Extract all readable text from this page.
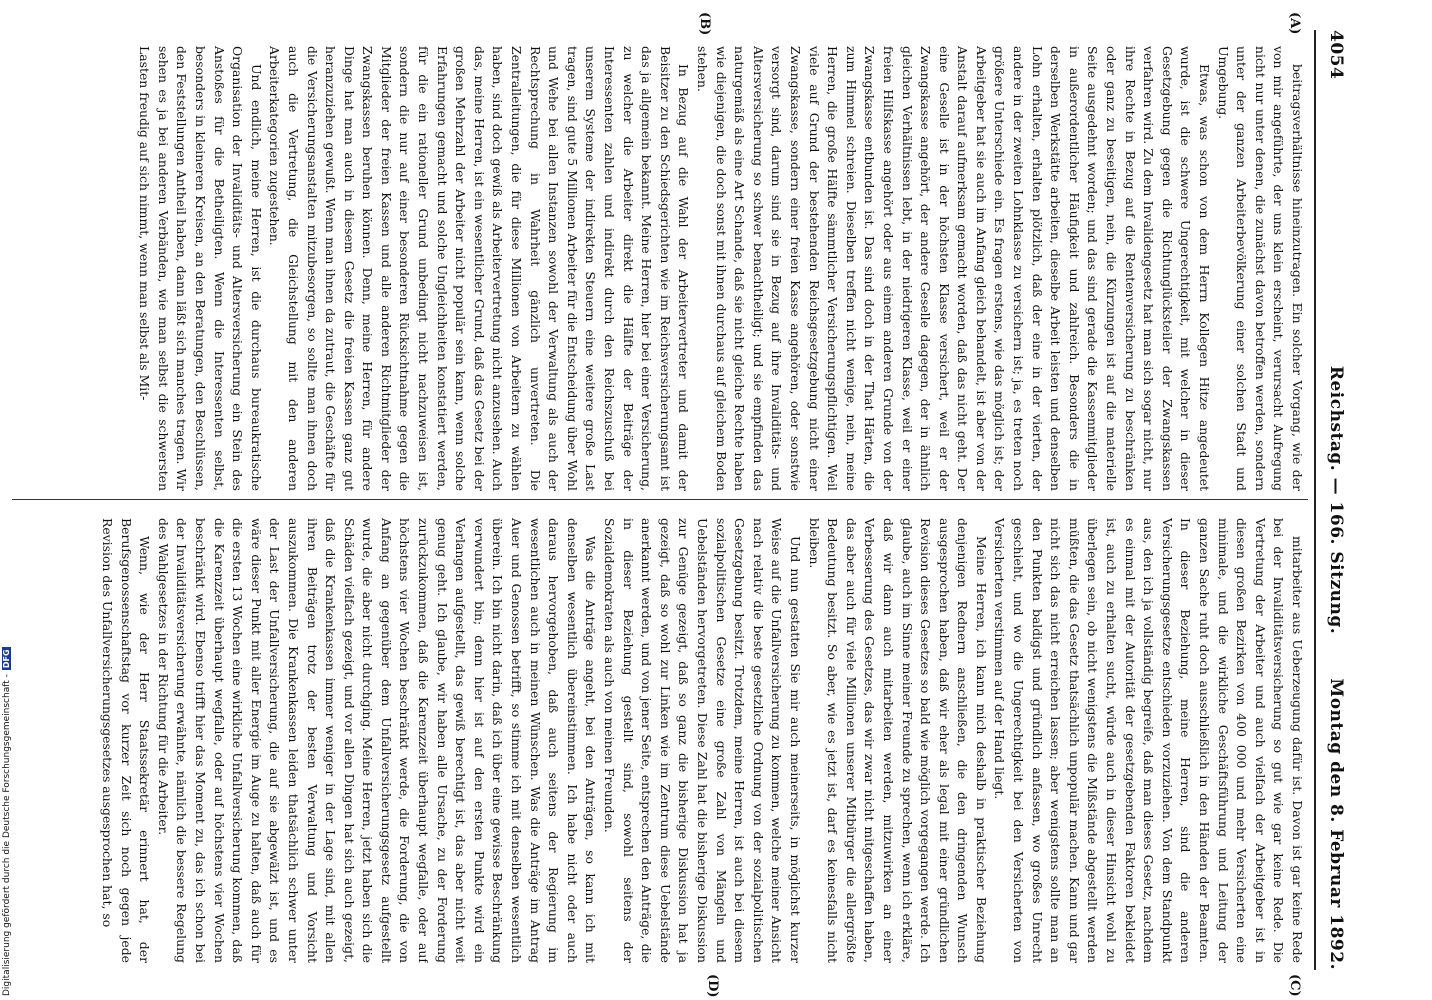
4054
Reichstag. — 166. Sitzung.
Montag den 8. Februar 1892.
(A)
(B)
(C)
(D)

beitragsverhältnisse hineinzutragen. Ein solcher Vorgang, wie der von mir angeführte, der uns klein erscheint, verursacht Aufregung nicht nur unter denen, die zunächst davon betroffen werden, sondern unter der ganzen Arbeiterbevölkerung einer solchen Stadt und Umgebung.

Etwas, was schon von dem Herrn Kollegen Hitze angedeutet wurde, ist die schwere Ungerechtigkeit, mit welcher in dieser Gesetzgebung gegen die Richtunglücksteiler der Zwangskassen verfahren wird. Zu dem Invalidengesetz hat man sich sogar nicht, nur ihre Rechte in Bezug auf die Rentenversicherung zu beschränken oder ganz zu beseitigen, nein, die Kürzungen ist auf die materielle Seite ausgedehnt worden; und das sind gerade die Kassenmitglieder in außerordentlicher Häufigkeit und zahlreich. Besonders die in derselben Werkstätte arbeiten, dieselbe Arbeit leisten und denselben Lohn erhalten, erhalten plötzlich, daß der eine in der vierten, der andere in der zweiten Lohnklasse zu versichern ist; ja, es treten noch größere Unterschiede ein. Es fragen erstens, wie das möglich ist; der Arbeitgeber hat sie auch im Anfang gleich behandelt, ist aber von der Anstalt darauf aufmerksam gemacht worden, daß das nicht geht. Der eine Geselle ist in der höchsten Klasse versichert, weil er der Zwangskasse angehört, der andere Geselle dagegen, der in ähnlich gleichen Verhältnissen lebt, in der niedrigeren Klasse, weil er einer freien Hilfskasse angehört oder aus einem anderen Grunde von der Zwangskasse entbunden ist. Das sind doch in der That Härten, die zum Himmel schreien. Dieselben treffen nicht wenige, nein, meine Herren, die große Hälfte sämmtlicher Versicherungspflichtigen. Weil viele auf Grund der bestehenden Reichsgesetzgebung nicht einer Zwangskasse, sondern einer freien Kasse angehören, oder sonstwie versorgt sind, darum sind sie in Bezug auf ihre Invaliditäts- und Altersversicherung so schwer benachtheiligt; und sie empfinden das naturgemäß als eine Art Schande, daß sie nicht gleiche Rechte haben wie diejenigen, die doch sonst mit ihnen durchaus auf gleichem Boden stehen.

In Bezug auf die Wahl der Arbeitervertreter und damit der Beisitzer zu den Schiedsgerichten wie im Reichsversicherungsamt ist das ja allgemein bekannt. Meine Herren, hier bei einer Versicherung, zu welcher die Arbeiter direkt die Hälfte der Beiträge der Interessenten zahlen und indirekt durch den Reichszuschuß bei unserem Systeme der indirekten Steuern eine weitere große Last tragen, sind gute 5 Millionen Arbeiter für die Entscheidung über Wohl und Wehe bei allen Instanzen sowohl der Verwaltung als auch der Rechtsprechung in Wahrheit gänzlich unvertreten. Die Zentralleitungen, die für diese Millionen von Arbeitern zu wählen haben, sind doch gewiß als Arbeitervertretung nicht anzusehen. Auch das, meine Herren, ist ein wesentlicher Grund, daß das Gesetz bei der großen Mehrzahl der Arbeiter nicht populär sein kann, wenn solche Erfahrungen gemacht und solche Ungleichheiten konstatiert werden, für die ein rationeller Grund unbedingt nicht nachzuweisen ist, sondern die nur auf einer besonderen Rücksichtnahme gegen die Mitglieder der freien Kassen und alle anderen Richtmitglieder der Zwangskassen beruhen können. Denn, meine Herren, für andere Dinge hat man auch in diesem Gesetz die freien Kassen ganz gut heranzuziehen gewußt. Wenn man ihnen da zutraut, die Geschäfte für die Versicherungsanstalten mitzubesorgen, so sollte man ihnen doch auch die Vertretung, die Gleichstellung mit den anderen Arbeiterkategorien zugestehen.

Und endlich, meine Herren, ist die durchaus bureaukratische Organisation der Invaliditäts- und Altersversicherung ein Stein des Anstoßes für die Betheiligten. Wenn die Interessenten selbst, besonders in kleineren Kreisen, an den Beratungen, den Beschlüssen, den Feststellungen Antheil haben, dann läßt sich manches tragen. Wir sehen es ja bei anderen Verbänden, wie man selbst die schwersten Lasten freudig auf sich nimmt, wenn man selbst als Mit-

mitarbeiter aus Ueberzeugung dafür ist. Davon ist gar keine Rede bei der Invaliditätsversicherung so gut wie gar keine Rede. Die Vertretung der Arbeiter und auch vielfach der Arbeitgeber ist in diesen großen Bezirken von 400 000 und mehr Versicherten eine minimale, und die wirkliche Geschäftsführung und Leitung der ganzen Sache ruht doch ausschließlich in den Händen der Beamten. In dieser Beziehung, meine Herren, sind die anderen Versicherungsgesetze entschieden vorzuziehen. Von dem Standpunkt aus, den ich ja vollständig begreife, daß man dieses Gesetz, nachdem es einmal mit der Autorität der gesetzgebenden Faktoren bekleidet ist, auch zu erhalten sucht, würde auch in dieser Hinsicht wohl zu überlegen sein, ob nicht wenigstens die Mißstände abgestellt werden müßten, die das Gesetz thatsächlich unpopulär machen. Kann und gar nicht sich das nicht erreichen lassen; aber wenigstens sollte man an den Punkten baldigst und gründlich anfassen, wo großes Unrecht geschieht, und wo die Ungerechtigkeit bei den Versicherten von Versicherten verstimmen auf der Hand liegt.

Meine Herren, ich kann mich deshalb in praktischer Beziehung denjenigen Rednern anschließen, die den dringenden Wunsch ausgesprochen haben, daß wir eher als legal mit einer gründlichen Revision dieses Gesetzes so bald wie möglich vorgegangen werde. Ich glaube, auch im Sinne meiner Freunde zu sprechen, wenn ich erkläre, daß wir dann auch mitarbeiten werden, mitzuwirken an einer Verbesserung des Gesetzes, das wir zwar nicht mitgeschaffen haben, das aber auch für viele Millionen unserer Mitbürger die allergrößte Bedeutung besitzt. So aber, wie es jetzt ist, darf es keinesfalls nicht bleiben.

Und nun gestatten Sie mir auch meinerseits, in möglichst kurzer Weise auf die Unfallversicherung zu kommen, welche meiner Ansicht nach relativ die beste gesetzliche Ordnung von der sozialpolitischen Gesetzgebung besitzt. Trotzdem, meine Herren, ist auch bei diesem sozialpolitischen Gesetze eine große Zahl von Mängeln und Uebelständen hervorgetreten. Diese Zahl hat die bisherige Diskussion zur Genüge gezeigt, daß so ganz die bisherige Diskussion hat ja gezeigt, daß so wohl zur Linken wie im Zentrum diese Uebelstände anerkannt werden, und von jener Seite, entsprechen den Anträge, die in dieser Beziehung gestellt sind, sowohl seitens der Sozialdemokraten als auch von meinen Freunden.

Was die Anträge angeht, bei den Anträgen, so kann ich mit denselben wesentlich übereinstimmen. Ich habe nicht oder auch daraus hervorgehoben, daß auch seitens der Regierung im wesentlichen auch in meinen Wünschen. Was die Anträge im Antrag Auer und Genossen betrifft, so stimme ich mit denselben wesentlich überein. Ich bin nicht darin, daß ich über eine gewisse Beschränkung verwundert bin; denn hier ist auf den ersten Punkte wird ein Verlangen aufgestellt, das gewiß berechtigt ist, das aber nicht weit genug geht. Ich glaube, wir haben alle Ursache, zu der Forderung zurückzukommen, daß die Karenzzeit überhaupt wegfalle, oder auf höchstens vier Wochen beschränkt werde, die Forderung, die von Anfang an gegenüber dem Unfallversicherungsgesetz aufgestellt wurde, die aber nicht durchging. Meine Herren, jetzt haben sich die Schäden vielfach gezeigt, und vor allen Dingen hat sich auch gezeigt, daß die Krankenkassen immer weniger in der Lage sind, mit allen ihren Beiträgen trotz der besten Verwaltung und Vorsicht auszukommen. Die Krankenkassen leiden thatsächlich schwer unter der Last der Unfallversicherung, die auf sie abgewälzt ist, und es wäre dieser Punkt mit aller Energie im Auge zu halten, daß auch für die ersten 13 Wochen eine wirkliche Unfallversicherung kommen, daß die Karenzzeit überhaupt wegfalle, oder auf höchstens vier Wochen beschränkt wird. Ebenso trifft hier das Moment zu, das ich schon bei der Invaliditätsversicherung erwähnte, nämlich die bessere Regelung des Wahlgesetzes in der Richtung für die Arbeiter.

Wenn, wie der Herr Staatssekretär erinnert hat, der Berufsgenossenschaftstag vor kurzer Zeit sich noch gegen jede Revision des Unfallversicherungsgesetzes ausgesprochen hat, so

Digitalisierung gefördert durch die Deutsche Forschungsgemeinschaft -DFG
